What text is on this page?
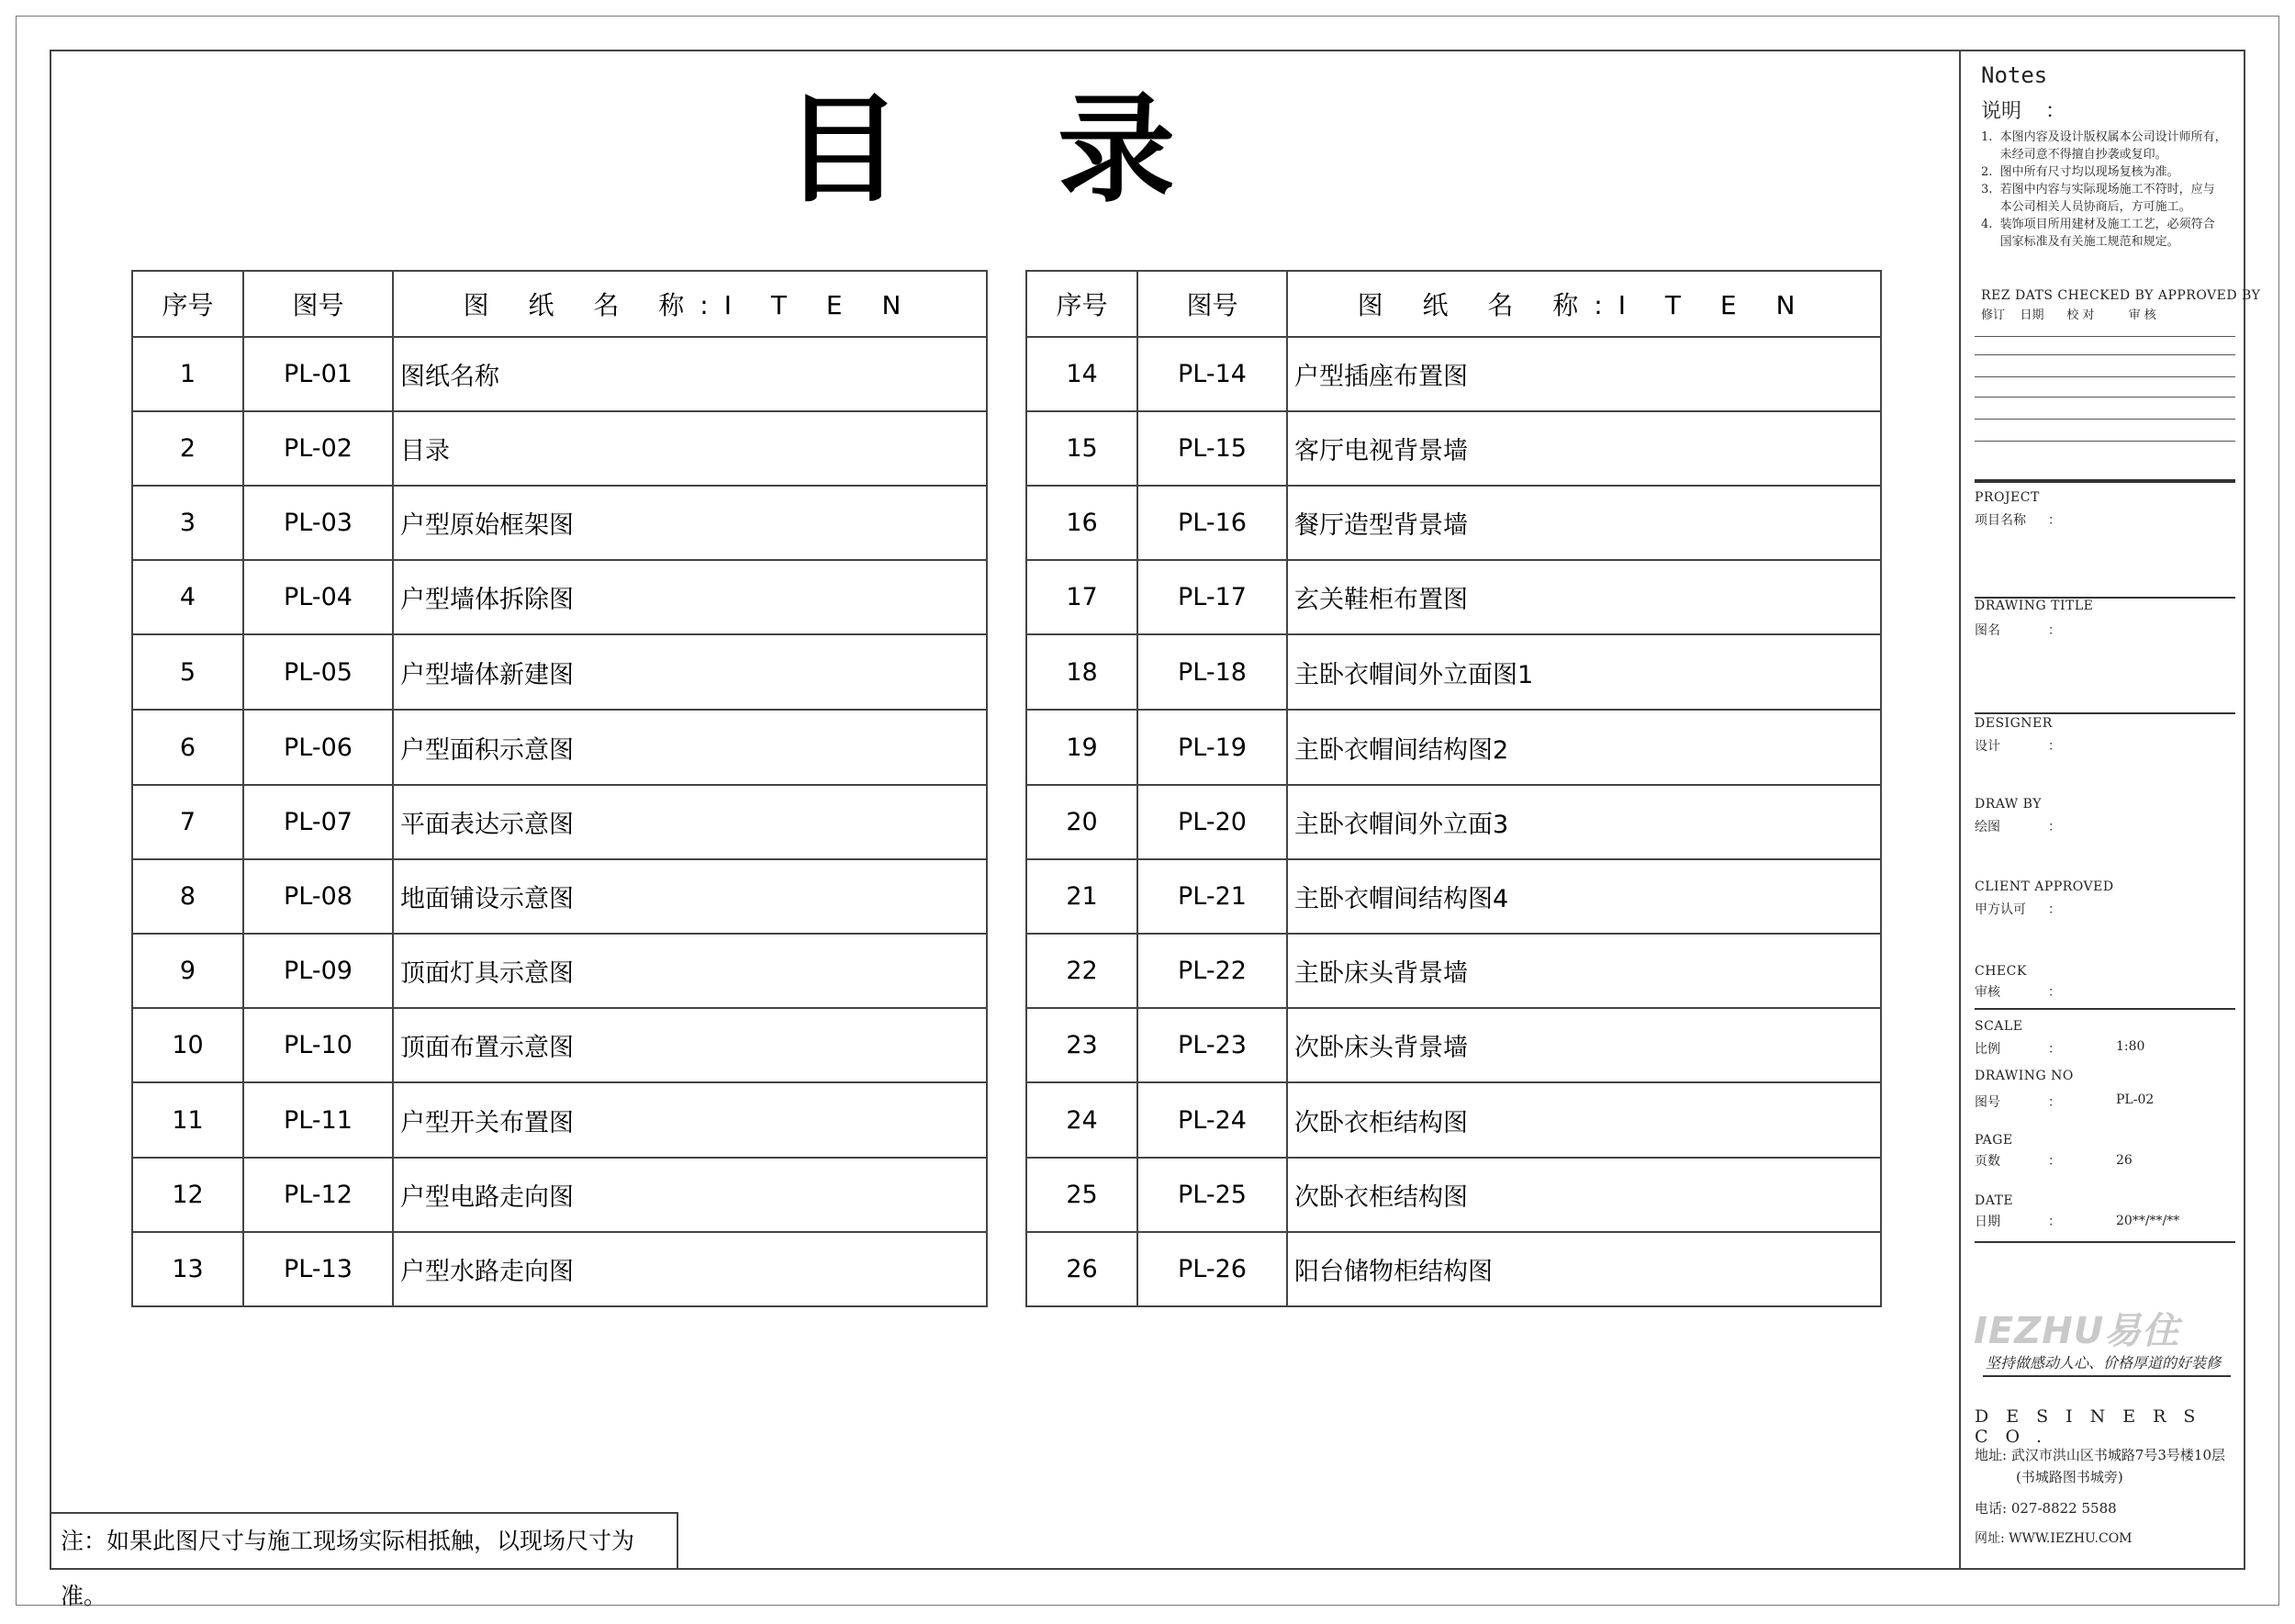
目录
序号	图号	图 纸 名 称:I T E N
1	PL-01	图纸名称
2	PL-02	目录
3	PL-03	户型原始框架图
4	PL-04	户型墙体拆除图
5	PL-05	户型墙体新建图
6	PL-06	户型面积示意图
7	PL-07	平面表达示意图
8	PL-08	地面铺设示意图
9	PL-09	顶面灯具示意图
10	PL-10	顶面布置示意图
11	PL-11	户型开关布置图
12	PL-12	户型电路走向图
13	PL-13	户型水路走向图
序号	图号	图 纸 名 称:I T E N
14	PL-14	户型插座布置图
15	PL-15	客厅电视背景墙
16	PL-16	餐厅造型背景墙
17	PL-17	玄关鞋柜布置图
18	PL-18	主卧衣帽间外立面图1
19	PL-19	主卧衣帽间结构图2
20	PL-20	主卧衣帽间外立面3
21	PL-21	主卧衣帽间结构图4
22	PL-22	主卧床头背景墙
23	PL-23	次卧床头背景墙
24	PL-24	次卧衣柜结构图
25	PL-25	次卧衣柜结构图
26	PL-26	阳台储物柜结构图
注：如果此图尺寸与施工现场实际相抵触，以现场尺寸为准。
Notes
说明 ：
1.  本图内容及设计版权属本公司设计师所有，
未经司意不得擅自抄袭或复印。
2.  图中所有尺寸均以现场复核为准。
3.  若图中内容与实际现场施工不符时，应与
本公司相关人员协商后，方可施工。
4.  装饰项目所用建材及施工工艺，必须符合
国家标准及有关施工规范和规定。
REZ DATS CHECKED BY APPROVED BY
修订    日期      校 对         审 核
PROJECT
项目名称 ：
DRAWING TITLE
图名	：
DESIGNER
设计	：
DRAW BY
绘图	：
CLIENT APPROVED
甲方认可 ：
CHECK
审核	：
SCALE
比例	：	1:80
DRAWING NO
图号	：	PL-02
PAGE
页数	：	26
DATE
日期	：	20**/**/**
IEZHU易住
坚持做感动人心、价格厚道的好装修
DESINERS CO.
地址: 武汉市洪山区书城路7号3号楼10层
(书城路图书城旁)
电话: 027-8822 5588
网址: WWW.IEZHU.COM
